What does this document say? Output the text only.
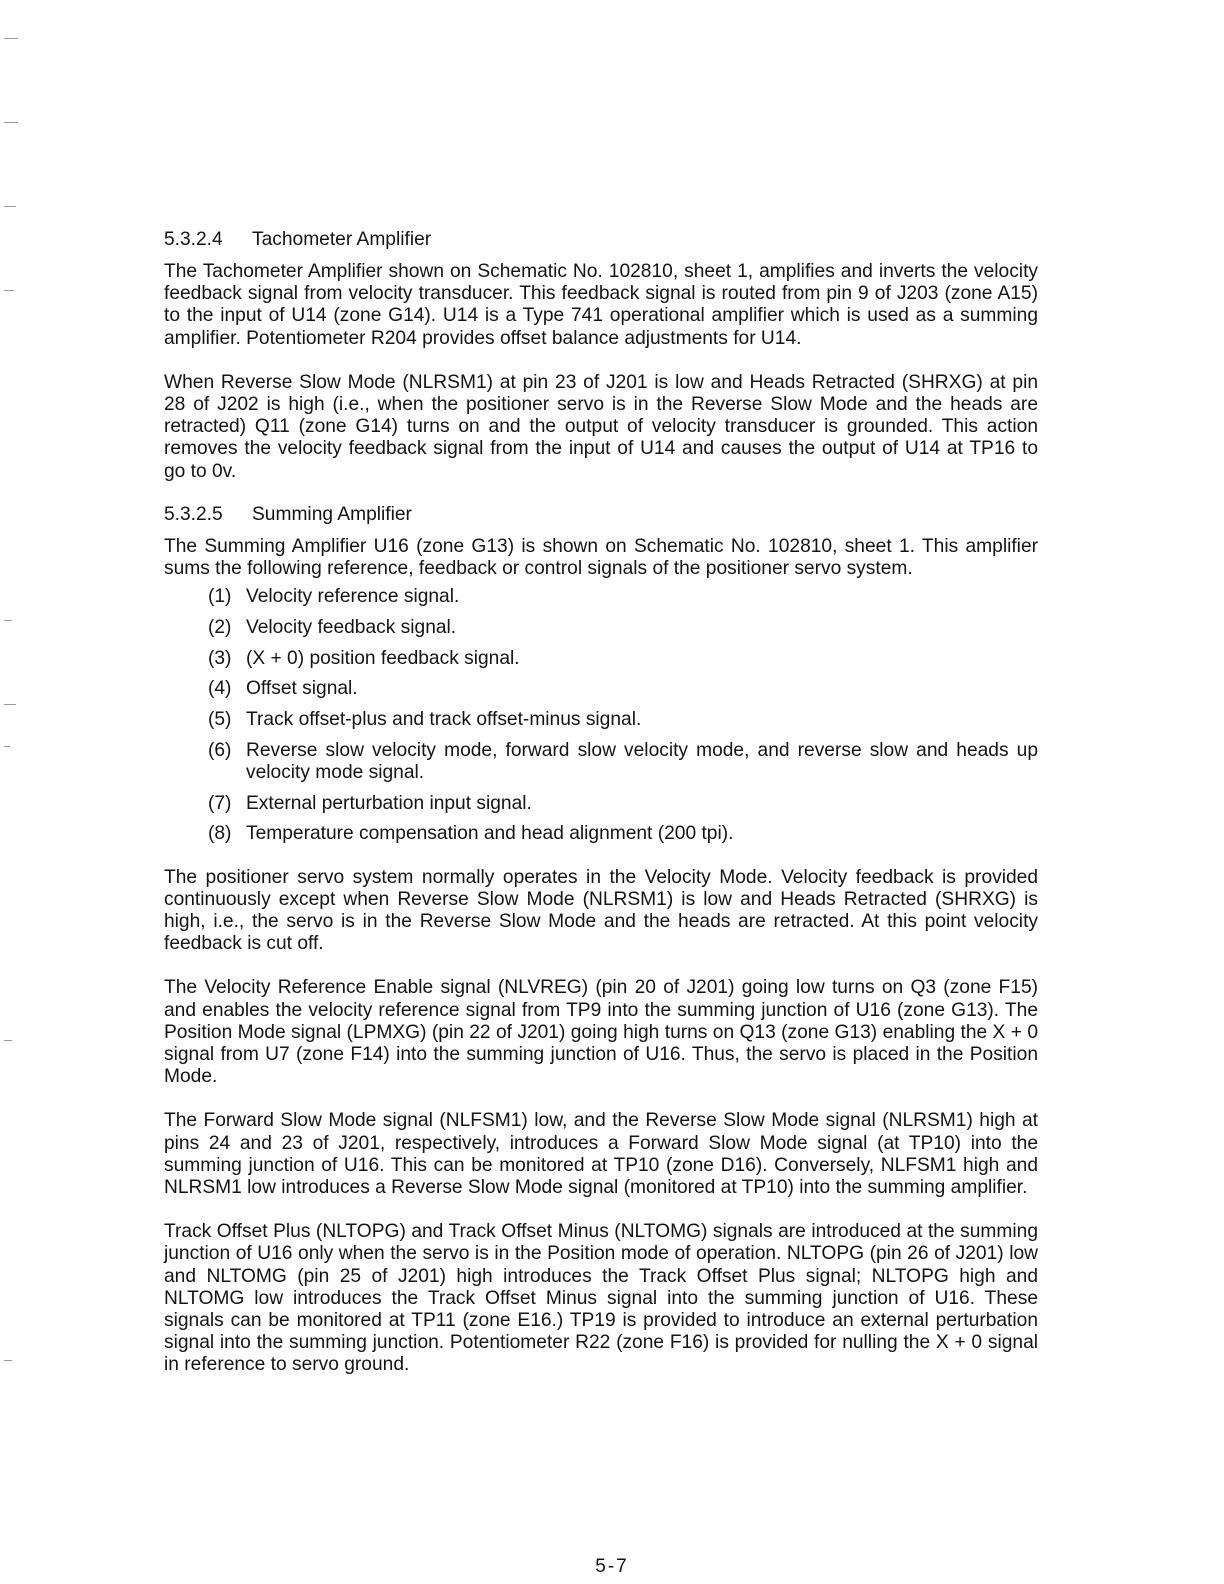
5.3.2.4 Tachometer Amplifier

The Tachometer Amplifier shown on Schematic No. 102810, sheet 1, amplifies and inverts the velocity feedback signal from velocity transducer. This feedback signal is routed from pin 9 of J203 (zone A15) to the input of U14 (zone G14). U14 is a Type 741 operational amplifier which is used as a summing amplifier. Potentiometer R204 provides offset balance adjustments for U14.

When Reverse Slow Mode (NLRSM1) at pin 23 of J201 is low and Heads Retracted (SHRXG) at pin 28 of J202 is high (i.e., when the positioner servo is in the Reverse Slow Mode and the heads are retracted) Q11 (zone G14) turns on and the output of velocity transducer is grounded. This action removes the velocity feedback signal from the input of U14 and causes the output of U14 at TP16 to go to 0v.

5.3.2.5 Summing Amplifier

The Summing Amplifier U16 (zone G13) is shown on Schematic No. 102810, sheet 1. This amplifier sums the following reference, feedback or control signals of the positioner servo system.

(1) Velocity reference signal.
(2) Velocity feedback signal.
(3) (X + 0) position feedback signal.
(4) Offset signal.
(5) Track offset-plus and track offset-minus signal.
(6) Reverse slow velocity mode, forward slow velocity mode, and reverse slow and heads up velocity mode signal.
(7) External perturbation input signal.
(8) Temperature compensation and head alignment (200 tpi).

The positioner servo system normally operates in the Velocity Mode. Velocity feedback is provided continuously except when Reverse Slow Mode (NLRSM1) is low and Heads Retracted (SHRXG) is high, i.e., the servo is in the Reverse Slow Mode and the heads are retracted. At this point velocity feedback is cut off.

The Velocity Reference Enable signal (NLVREG) (pin 20 of J201) going low turns on Q3 (zone F15) and enables the velocity reference signal from TP9 into the summing junction of U16 (zone G13). The Position Mode signal (LPMXG) (pin 22 of J201) going high turns on Q13 (zone G13) enabling the X + 0 signal from U7 (zone F14) into the summing junction of U16. Thus, the servo is placed in the Position Mode.

The Forward Slow Mode signal (NLFSM1) low, and the Reverse Slow Mode signal (NLRSM1) high at pins 24 and 23 of J201, respectively, introduces a Forward Slow Mode signal (at TP10) into the summing junction of U16. This can be monitored at TP10 (zone D16). Conversely, NLFSM1 high and NLRSM1 low introduces a Reverse Slow Mode signal (monitored at TP10) into the summing amplifier.

Track Offset Plus (NLTOPG) and Track Offset Minus (NLTOMG) signals are introduced at the summing junction of U16 only when the servo is in the Position mode of operation. NLTOPG (pin 26 of J201) low and NLTOMG (pin 25 of J201) high introduces the Track Offset Plus signal; NLTOPG high and NLTOMG low introduces the Track Offset Minus signal into the summing junction of U16. These signals can be monitored at TP11 (zone E16.) TP19 is provided to introduce an external perturbation signal into the summing junction. Potentiometer R22 (zone F16) is provided for nulling the X + 0 signal in reference to servo ground.

5-7
